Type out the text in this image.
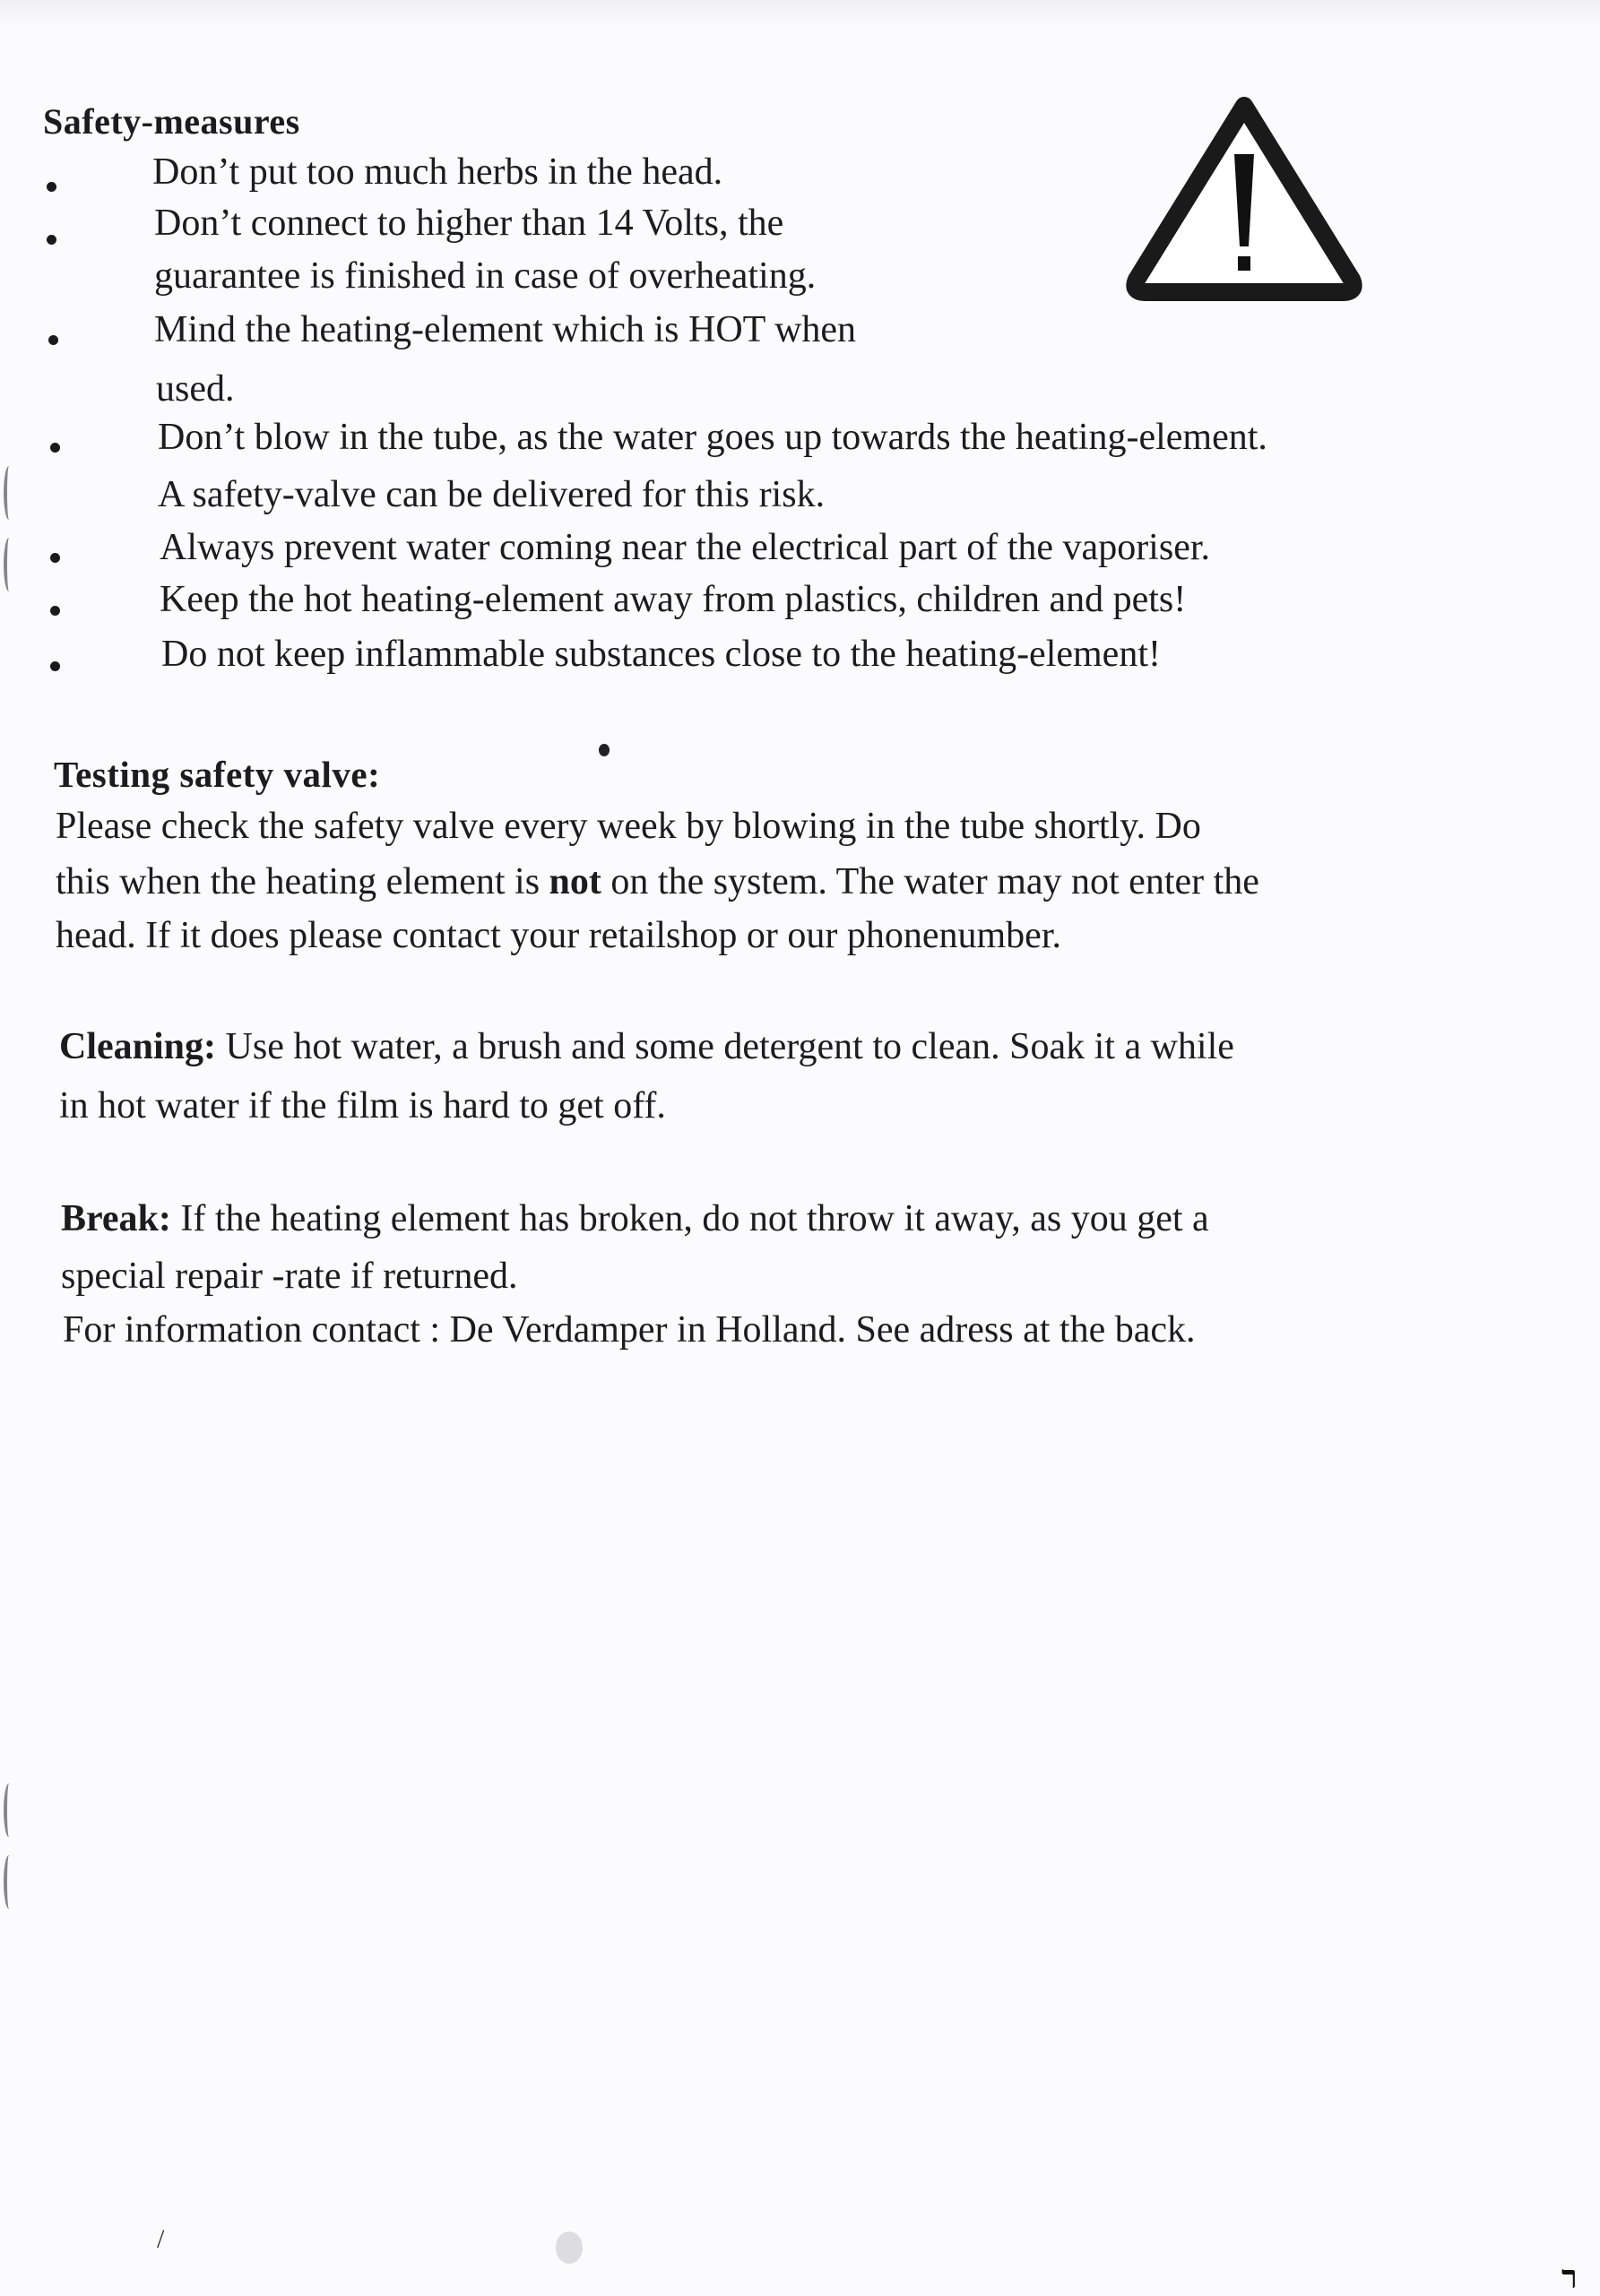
Safety-measures
Don’t put too much herbs in the head.
Don’t connect to higher than 14 Volts, the
guarantee is finished in case of overheating.
Mind the heating-element which is HOT when
used.
Don’t blow in the tube, as the water goes up towards the heating-element.
A safety-valve can be delivered for this risk.
Always prevent water coming near the electrical part of the vaporiser.
Keep the hot heating-element away from plastics, children and pets!
Do not keep inflammable substances close to the heating-element!
Testing safety valve:
Please check the safety valve every week by blowing in the tube shortly. Do
this when the heating element is not on the system. The water may not enter the
head. If it does please contact your retailshop or our phonenumber.
Cleaning: Use hot water, a brush and some detergent to clean. Soak it a while
in hot water if the film is hard to get off.
Break: If the heating element has broken, do not throw it away, as you get a
special repair -rate if returned.
For information contact : De Verdamper in Holland. See adress at the back.
/
ר
